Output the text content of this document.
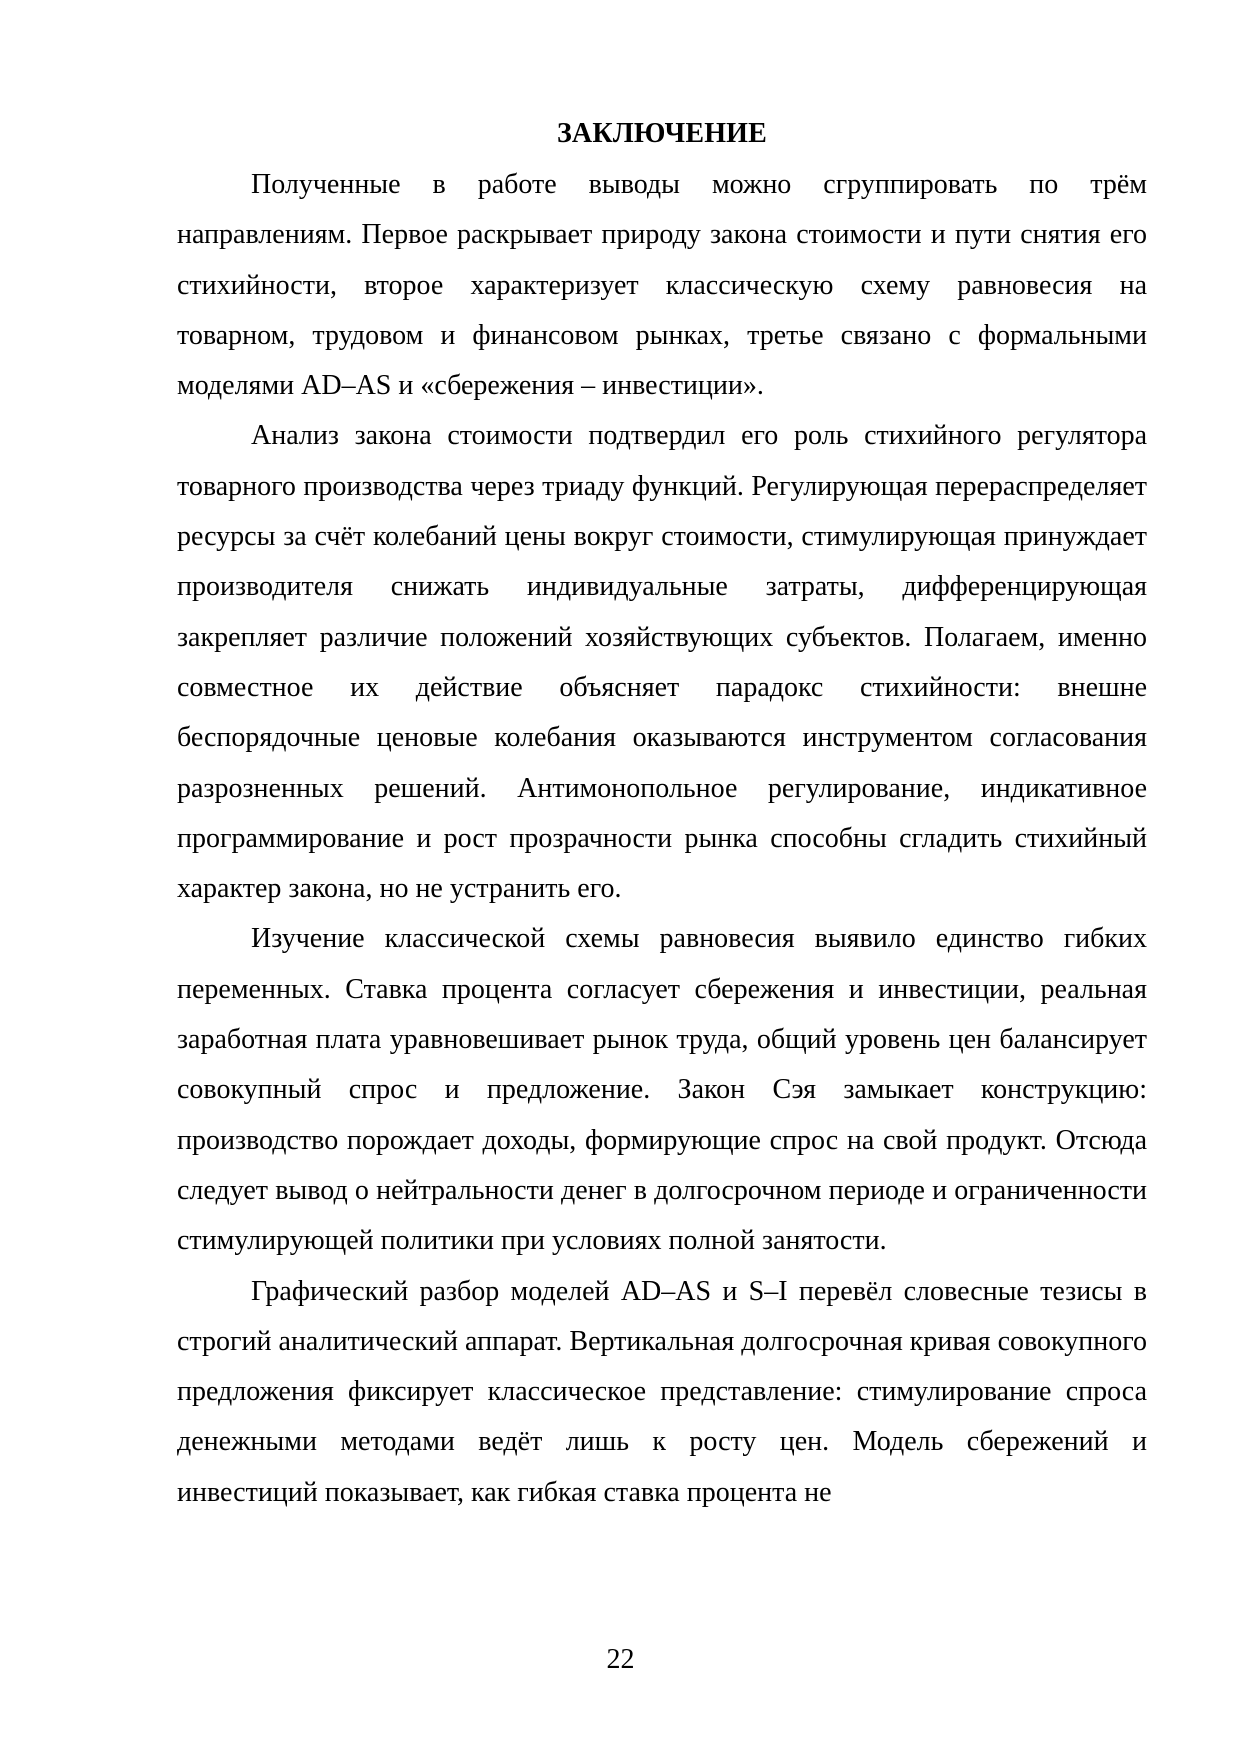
ЗАКЛЮЧЕНИЕ

Полученные в работе выводы можно сгруппировать по трём направлениям. Первое раскрывает природу закона стоимости и пути снятия его стихийности, второе характеризует классическую схему равновесия на товарном, трудовом и финансовом рынках, третье связано с формальными моделями AD–AS и «сбережения – инвестиции».

Анализ закона стоимости подтвердил его роль стихийного регулятора товарного производства через триаду функций. Регулирующая перераспределяет ресурсы за счёт колебаний цены вокруг стоимости, стимулирующая принуждает производителя снижать индивидуальные затраты, дифференцирующая закрепляет различие положений хозяйствующих субъектов. Полагаем, именно совместное их действие объясняет парадокс стихийности: внешне беспорядочные ценовые колебания оказываются инструментом согласования разрозненных решений. Антимонопольное регулирование, индикативное программирование и рост прозрачности рынка способны сгладить стихийный характер закона, но не устранить его.

Изучение классической схемы равновесия выявило единство гибких переменных. Ставка процента согласует сбережения и инвестиции, реальная заработная плата уравновешивает рынок труда, общий уровень цен балансирует совокупный спрос и предложение. Закон Сэя замыкает конструкцию: производство порождает доходы, формирующие спрос на свой продукт. Отсюда следует вывод о нейтральности денег в долгосрочном периоде и ограниченности стимулирующей политики при условиях полной занятости.

Графический разбор моделей AD–AS и S–I перевёл словесные тезисы в строгий аналитический аппарат. Вертикальная долгосрочная кривая совокупного предложения фиксирует классическое представление: стимулирование спроса денежными методами ведёт лишь к росту цен. Модель сбережений и инвестиций показывает, как гибкая ставка процента не

22
